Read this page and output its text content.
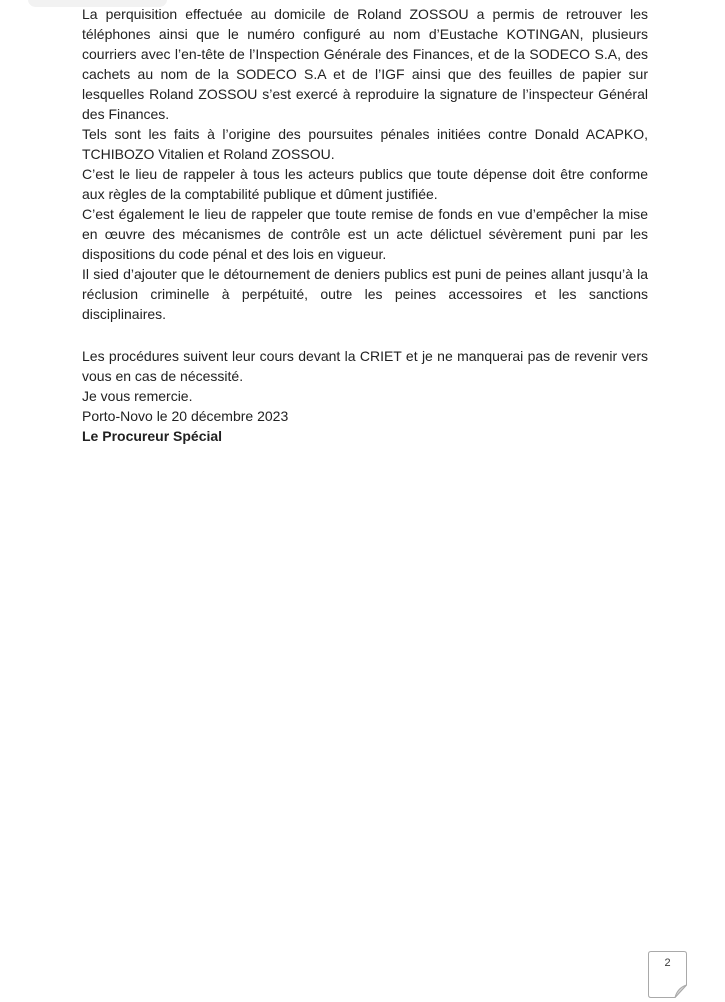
La perquisition effectuée au domicile de Roland ZOSSOU a permis de retrouver les téléphones ainsi que le numéro configuré au nom d’Eustache KOTINGAN, plusieurs courriers avec l’en-tête de l’Inspection Générale des Finances, et de la SODECO S.A, des cachets au nom de la SODECO S.A et de l’IGF ainsi que des feuilles de papier sur lesquelles Roland ZOSSOU s’est exercé à reproduire la signature de l’inspecteur Général des Finances.

Tels sont les faits à l’origine des poursuites pénales initiées contre Donald ACAPKO, TCHIBOZO Vitalien et Roland ZOSSOU.

C’est le lieu de rappeler à tous les acteurs publics que toute dépense doit être conforme aux règles de la comptabilité publique et dûment justifiée.

C’est également le lieu de rappeler que toute remise de fonds en vue d’empêcher la mise en œuvre des mécanismes de contrôle est un acte délictuel sévèrement puni par les dispositions du code pénal et des lois en vigueur.

Il sied d’ajouter que le détournement de deniers publics est puni de peines allant jusqu’à la réclusion criminelle à perpétuité, outre les peines accessoires et les sanctions disciplinaires.

Les procédures suivent leur cours devant la CRIET et je ne manquerai pas de revenir vers vous en cas de nécessité.

Je vous remercie.

Porto-Novo le 20 décembre 2023

Le Procureur Spécial

2
